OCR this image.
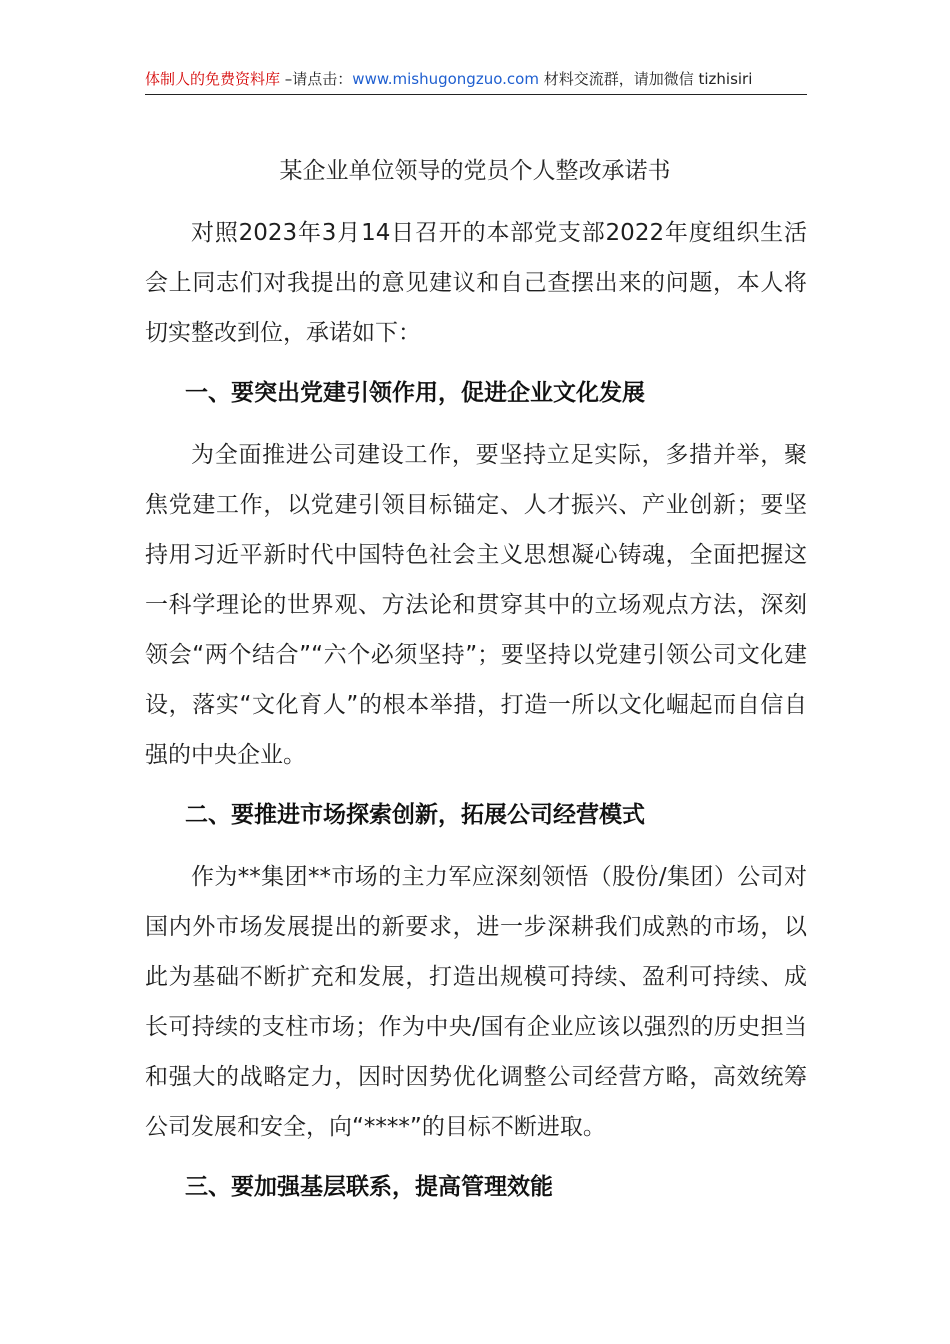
体制人的免费资料库 –请点击：www.mishugongzuo.com 材料交流群，请加微信 tizhisiri
某企业单位领导的党员个人整改承诺书

对照2023年3月14日召开的本部党支部2022年度组织生活会上同志们对我提出的意见建议和自己查摆出来的问题，本人将切实整改到位，承诺如下：

一、要突出党建引领作用，促进企业文化发展

为全面推进公司建设工作，要坚持立足实际，多措并举，聚焦党建工作，以党建引领目标锚定、人才振兴、产业创新；要坚持用习近平新时代中国特色社会主义思想凝心铸魂，全面把握这一科学理论的世界观、方法论和贯穿其中的立场观点方法，深刻领会“两个结合”“六个必须坚持”；要坚持以党建引领公司文化建设，落实“文化育人”的根本举措，打造一所以文化崛起而自信自强的中央企业。

二、要推进市场探索创新，拓展公司经营模式

作为**集团**市场的主力军应深刻领悟（股份/集团）公司对国内外市场发展提出的新要求，进一步深耕我们成熟的市场，以此为基础不断扩充和发展，打造出规模可持续、盈利可持续、成长可持续的支柱市场；作为中央/国有企业应该以强烈的历史担当和强大的战略定力，因时因势优化调整公司经营方略，高效统筹公司发展和安全，向“****”的目标不断进取。

三、要加强基层联系，提高管理效能
